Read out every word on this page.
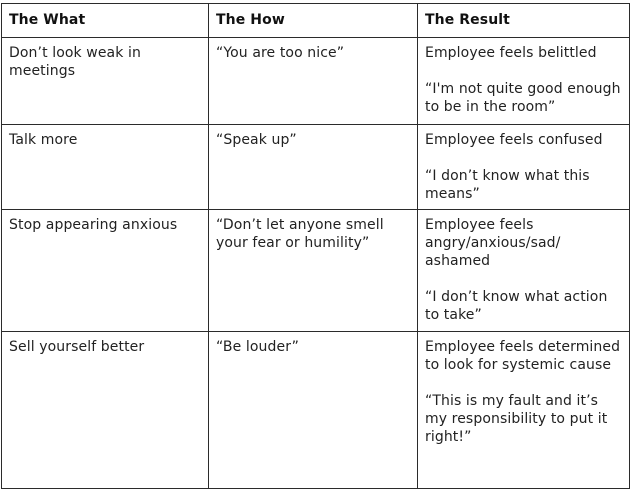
The What	The How	The Result
Don’t look weak in meetings	“You are too nice”	Employee feels belittled

“I'm not quite good enough to be in the room”

Talk more	“Speak up”	Employee feels confused

“I don’t know what this means”

Stop appearing anxious	“Don’t let anyone smell your fear or humility”	Employee feels angry/anxious/sad/ ashamed

“I don’t know what action to take”

Sell yourself better	“Be louder”	Employee feels determined to look for systemic cause

“This is my fault and it’s my responsibility to put it right!”
